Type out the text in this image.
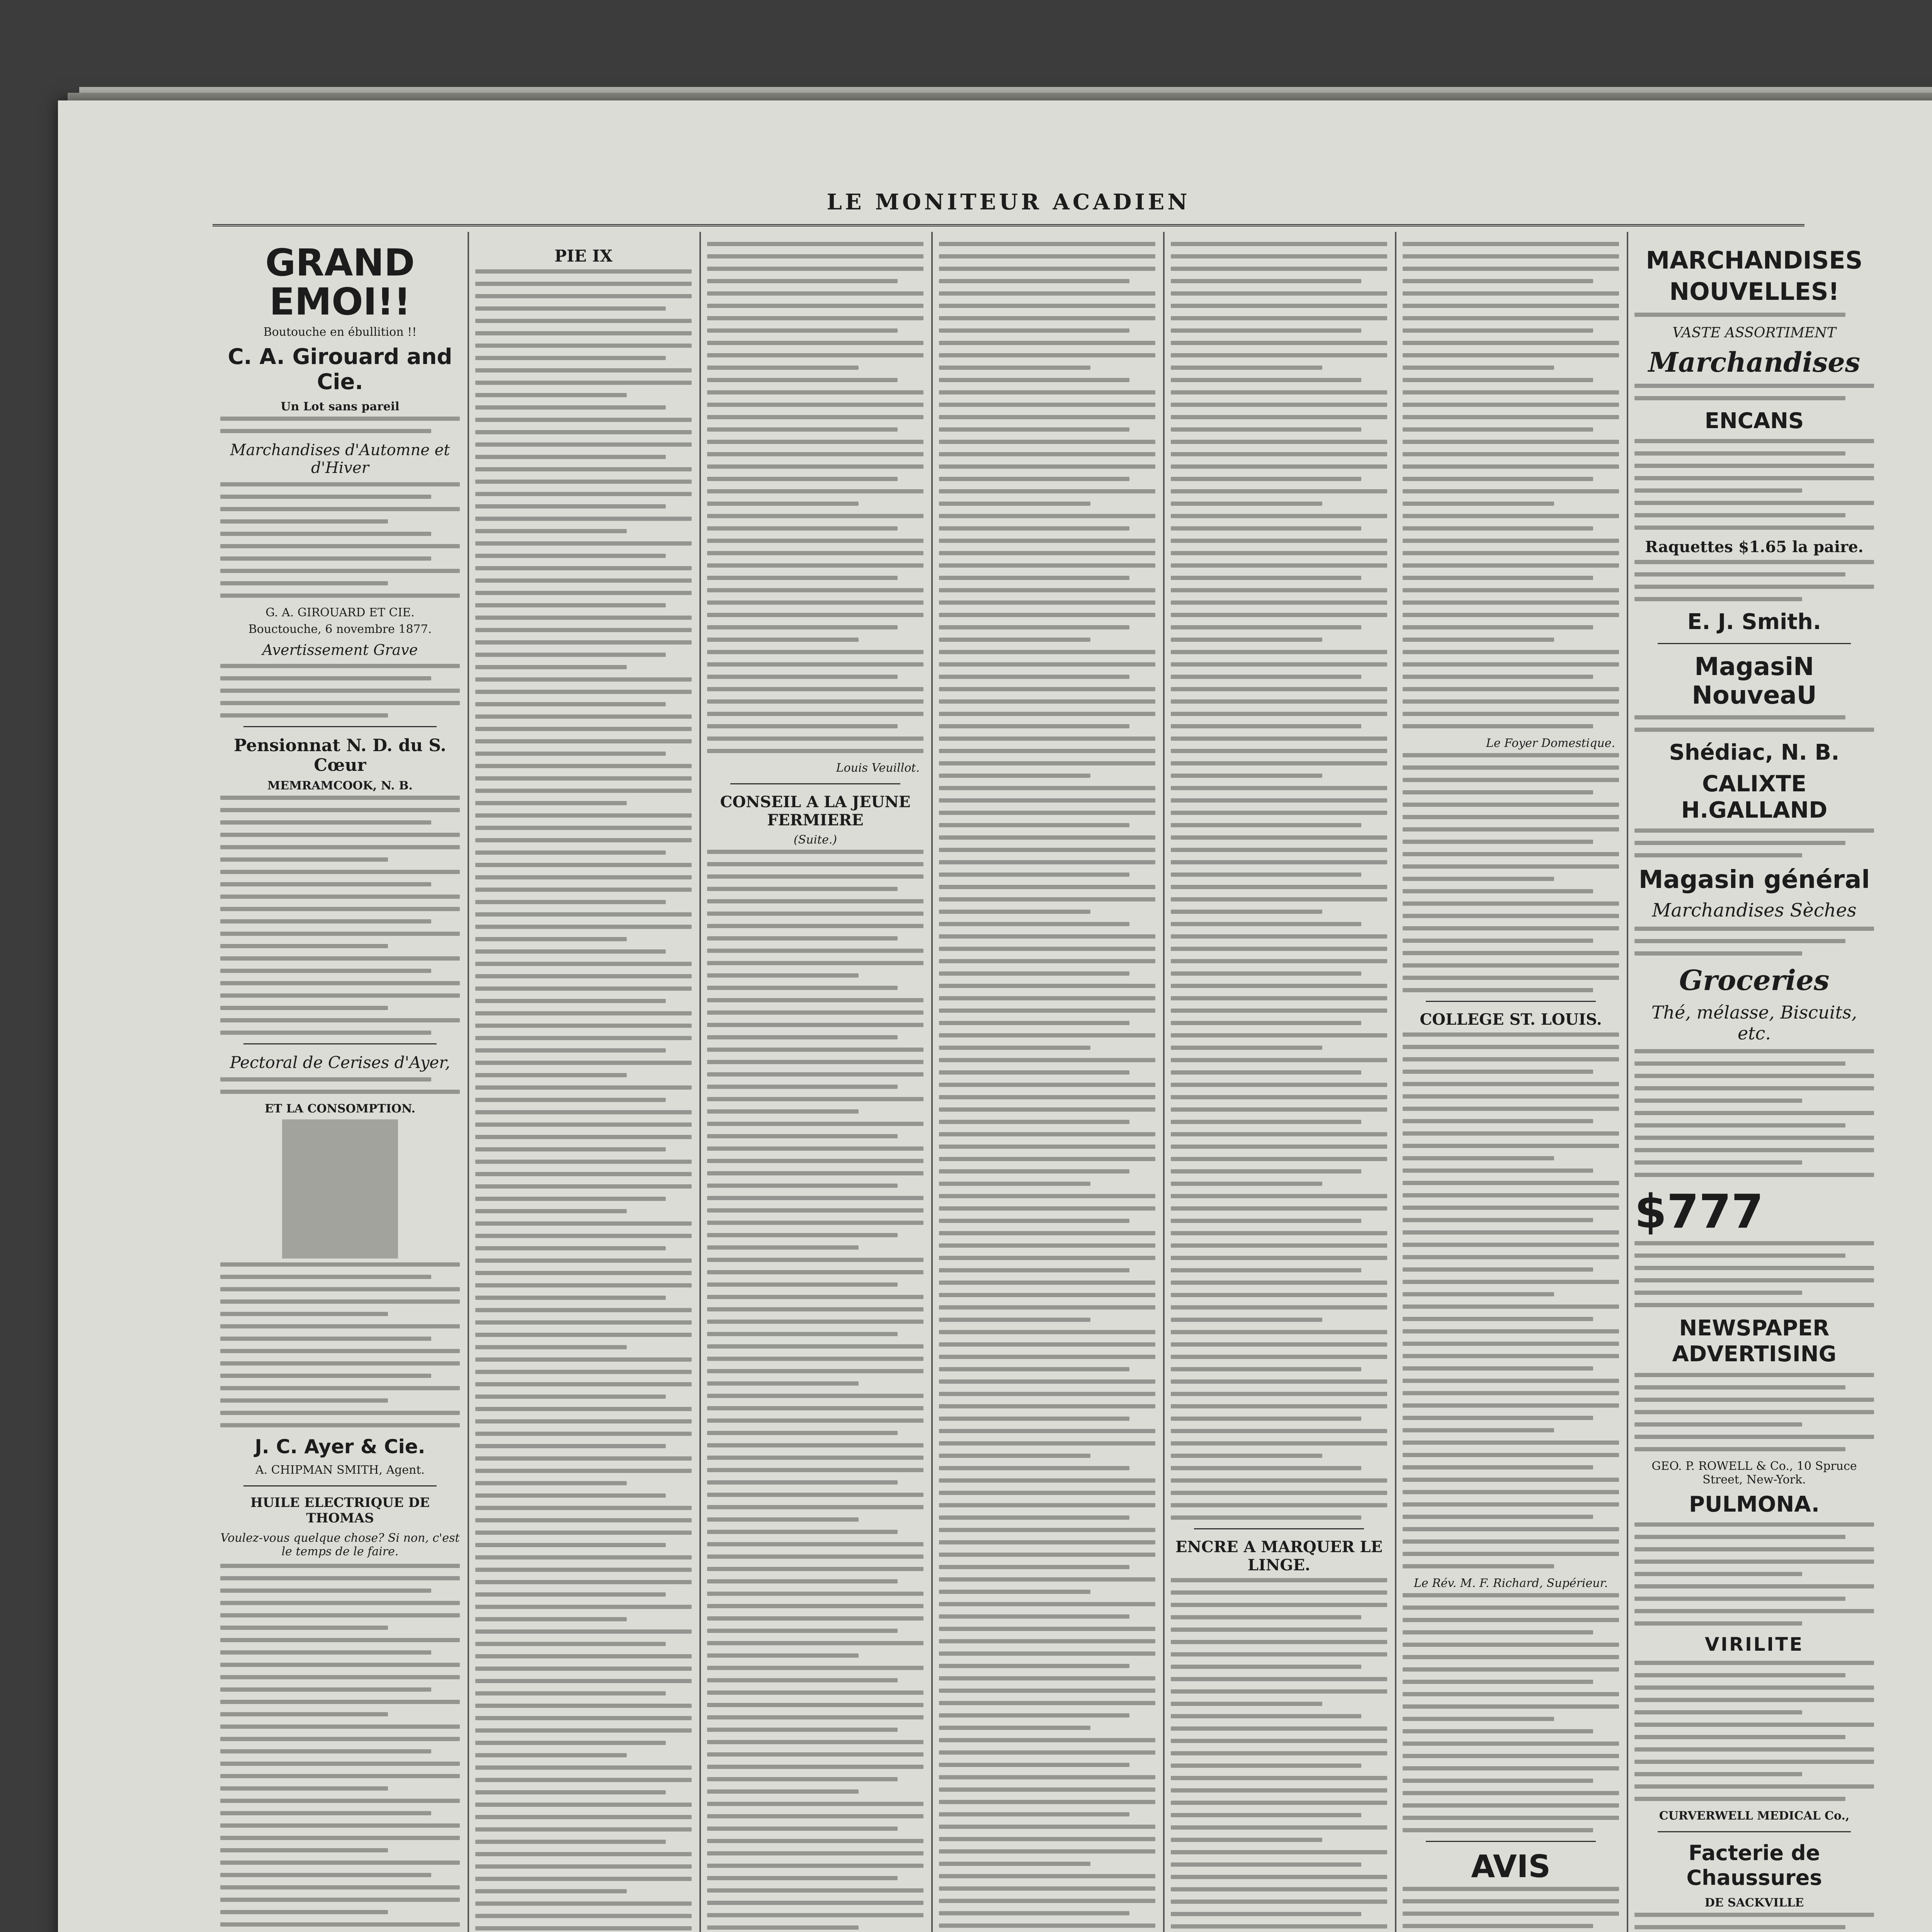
LE MONITEUR ACADIEN
GRAND EMOI!!
Boutouche en ébullition !!
C. A. Girouard and Cie.
Un Lot sans pareil
Marchandises d'Automne et d'Hiver
G. A. GIROUARD ET CIE.
Bouctouche, 6 novembre 1877.
Avertissement Grave
Pensionnat N. D. du S. Cœur
MEMRAMCOOK, N. B.
Pectoral de Cerises d'Ayer,
ET LA CONSOMPTION.
J. C. Ayer & Cie.
A. CHIPMAN SMITH, Agent.
HUILE ELECTRIQUE DE THOMAS
Voulez-vous quelque chose? Si non, c'est le temps de le faire.
PIE IX
Louis Veuillot.
CONSEIL A LA JEUNE FERMIERE
(Suite.)
ENCRE A MARQUER LE LINGE.
Le Foyer Domestique.
COLLEGE ST. LOUIS.
Le Rév. M. F. Richard, Supérieur.
AVIS
MARCHANDISES NOUVELLES!
VASTE ASSORTIMENT
Marchandises
ENCANS
Raquettes $1.65 la paire.
E. J. Smith.
MagasiN NouveaU
Shédiac, N. B.
CALIXTE H.GALLAND
Magasin général
Marchandises Sèches
Groceries
Thé, mélasse, Biscuits, etc.
$777
NEWSPAPER ADVERTISING
GEO. P. ROWELL & Co., 10 Spruce Street, New-York.
PULMONA.
VIRILITE
CURVERWELL MEDICAL Co.,
Facterie de Chaussures
DE SACKVILLE
